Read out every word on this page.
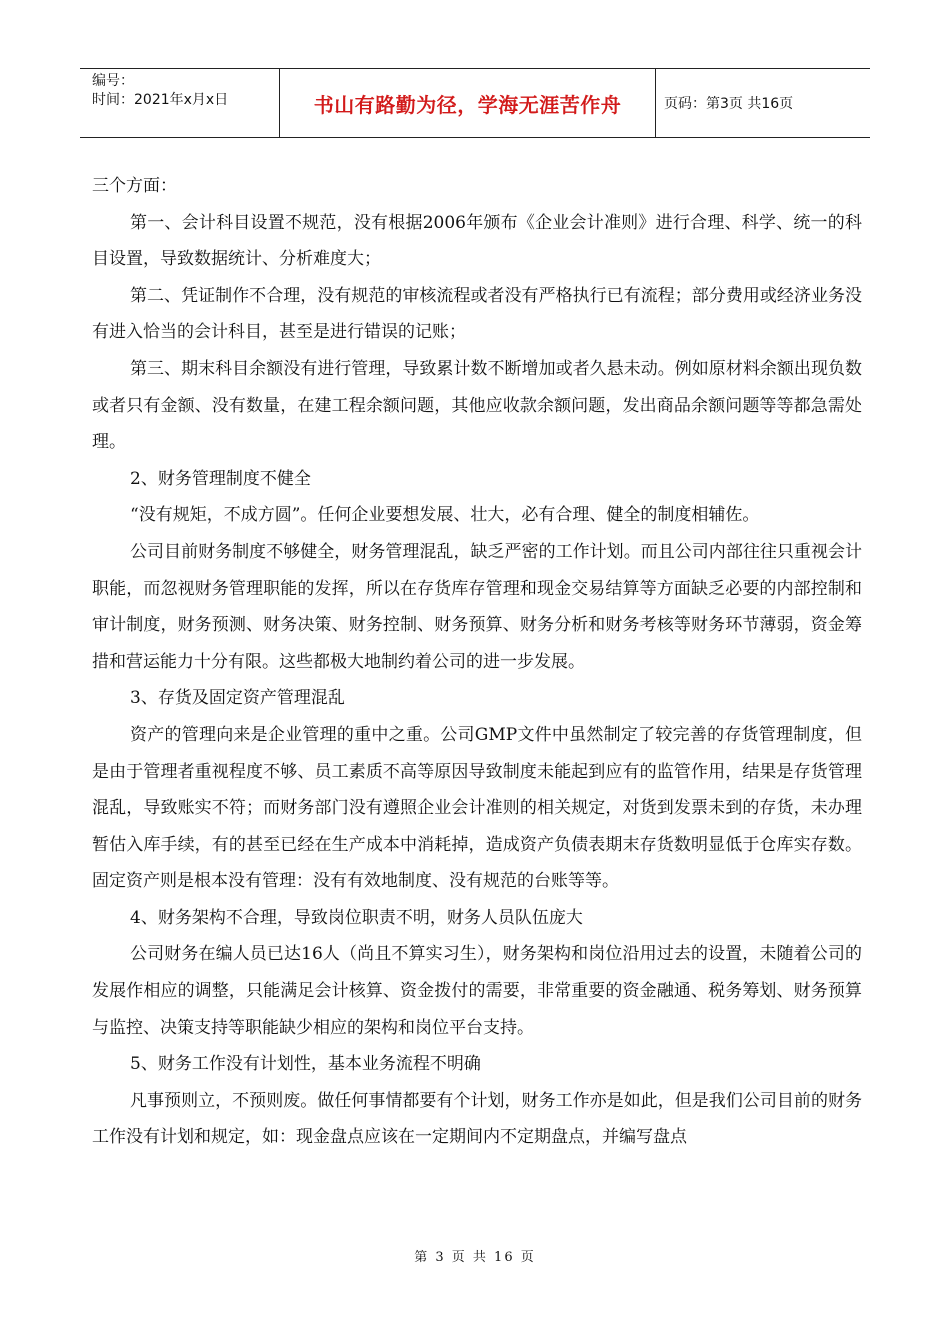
编号：
时间：2021年x月x日	书山有路勤为径，学海无涯苦作舟	页码：第3页 共16页

三个方面：

第一、会计科目设置不规范，没有根据2006年颁布《企业会计准则》进行合理、科学、统一的科目设置，导致数据统计、分析难度大；

第二、凭证制作不合理，没有规范的审核流程或者没有严格执行已有流程；部分费用或经济业务没有进入恰当的会计科目，甚至是进行错误的记账；

第三、期末科目余额没有进行管理，导致累计数不断增加或者久悬未动。例如原材料余额出现负数或者只有金额、没有数量，在建工程余额问题，其他应收款余额问题，发出商品余额问题等等都急需处理。

2、财务管理制度不健全

“没有规矩，不成方圆”。任何企业要想发展、壮大，必有合理、健全的制度相辅佐。

公司目前财务制度不够健全，财务管理混乱，缺乏严密的工作计划。而且公司内部往往只重视会计职能，而忽视财务管理职能的发挥，所以在存货库存管理和现金交易结算等方面缺乏必要的内部控制和审计制度，财务预测、财务决策、财务控制、财务预算、财务分析和财务考核等财务环节薄弱，资金筹措和营运能力十分有限。这些都极大地制约着公司的进一步发展。

3、存货及固定资产管理混乱

资产的管理向来是企业管理的重中之重。公司GMP文件中虽然制定了较完善的存货管理制度，但是由于管理者重视程度不够、员工素质不高等原因导致制度未能起到应有的监管作用，结果是存货管理混乱，导致账实不符；而财务部门没有遵照企业会计准则的相关规定，对货到发票未到的存货，未办理暂估入库手续，有的甚至已经在生产成本中消耗掉，造成资产负债表期末存货数明显低于仓库实存数。固定资产则是根本没有管理：没有有效地制度、没有规范的台账等等。

4、财务架构不合理，导致岗位职责不明，财务人员队伍庞大

公司财务在编人员已达16人（尚且不算实习生），财务架构和岗位沿用过去的设置，未随着公司的发展作相应的调整，只能满足会计核算、资金拨付的需要，非常重要的资金融通、税务筹划、财务预算与监控、决策支持等职能缺少相应的架构和岗位平台支持。

5、财务工作没有计划性，基本业务流程不明确

凡事预则立，不预则废。做任何事情都要有个计划，财务工作亦是如此，但是我们公司目前的财务工作没有计划和规定，如：现金盘点应该在一定期间内不定期盘点，并编写盘点

第 3 页 共 16 页
